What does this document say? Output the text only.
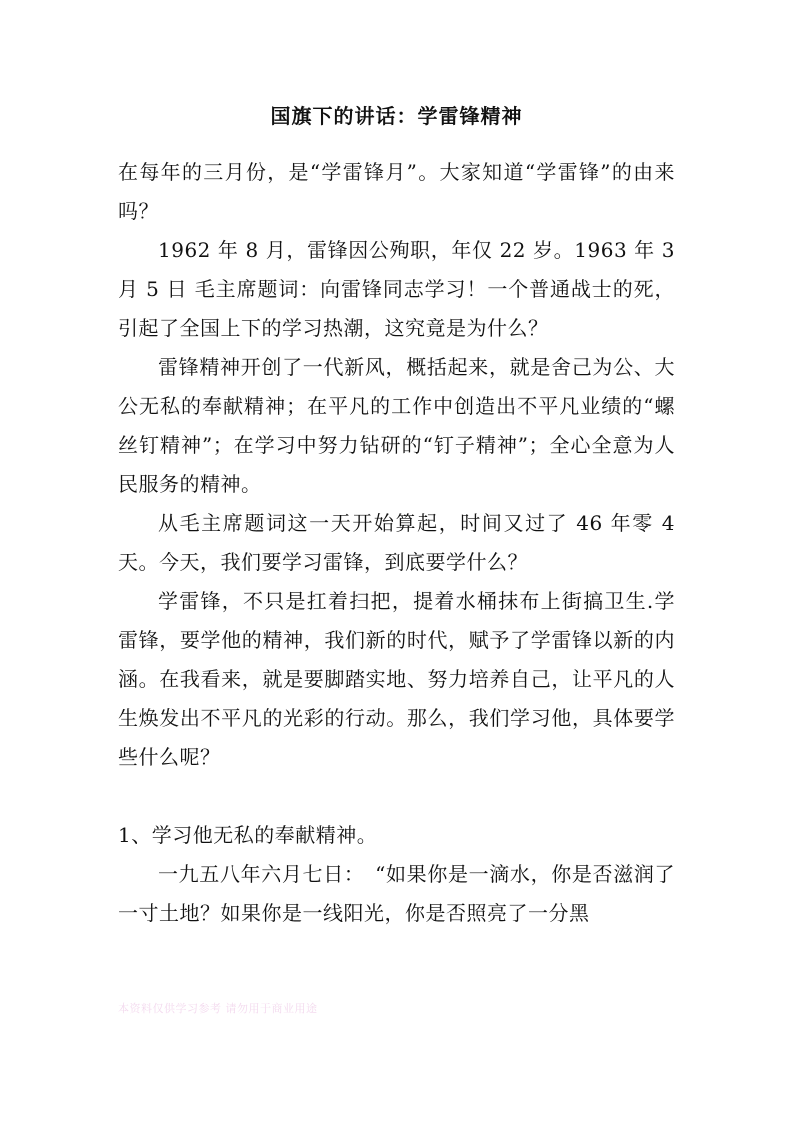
国旗下的讲话：学雷锋精神

在每年的三月份，是“学雷锋月”。大家知道“学雷锋”的由来吗？

1962 年 8 月，雷锋因公殉职，年仅 22 岁。1963 年 3 月 5 日 毛主席题词：向雷锋同志学习！一个普通战士的死，引起了全国上下的学习热潮，这究竟是为什么？

雷锋精神开创了一代新风，概括起来，就是舍己为公、大公无私的奉献精神；在平凡的工作中创造出不平凡业绩的“螺丝钉精神”；在学习中努力钻研的“钉子精神”；全心全意为人民服务的精神。

从毛主席题词这一天开始算起，时间又过了 46 年零 4 天。今天，我们要学习雷锋，到底要学什么？

学雷锋，不只是扛着扫把，提着水桶抹布上街搞卫生.学雷锋，要学他的精神，我们新的时代，赋予了学雷锋以新的内涵。在我看来，就是要脚踏实地、努力培养自己，让平凡的人生焕发出不平凡的光彩的行动。那么，我们学习他，具体要学些什么呢？

1、学习他无私的奉献精神。

一九五八年六月七日：　“如果你是一滴水，你是否滋润了一寸土地？如果你是一线阳光，你是否照亮了一分黑

本资料仅供学习参考 请勿用于商业用途
